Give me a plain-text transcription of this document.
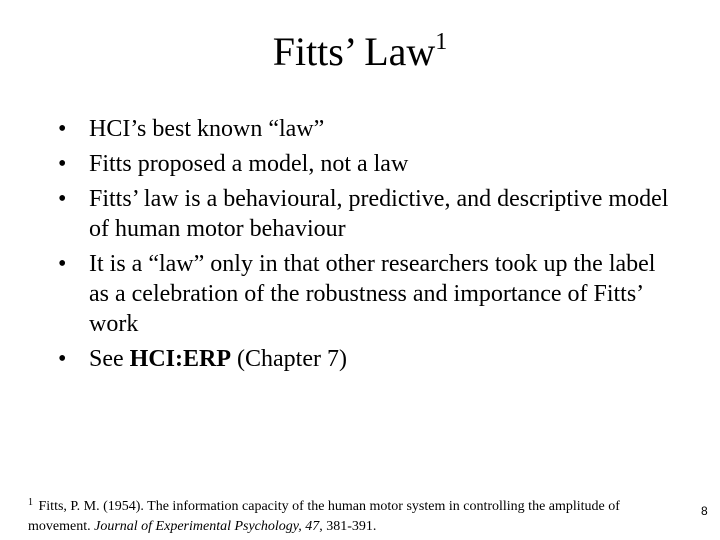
Fitts’ Law$^1$
• HCI’s best known “law”
• Fitts proposed a model, not a law
• Fitts’ law is a behavioural, predictive, and descriptive model of human motor behaviour
• It is a “law” only in that other researchers took up the label as a celebration of the robustness and importance of Fitts’ work
• See HCI:ERP (Chapter 7)
$^1$ Fitts, P. M. (1954). The information capacity of the human motor system in controlling the amplitude of movement. Journal of Experimental Psychology, 47, 381-391.
8
